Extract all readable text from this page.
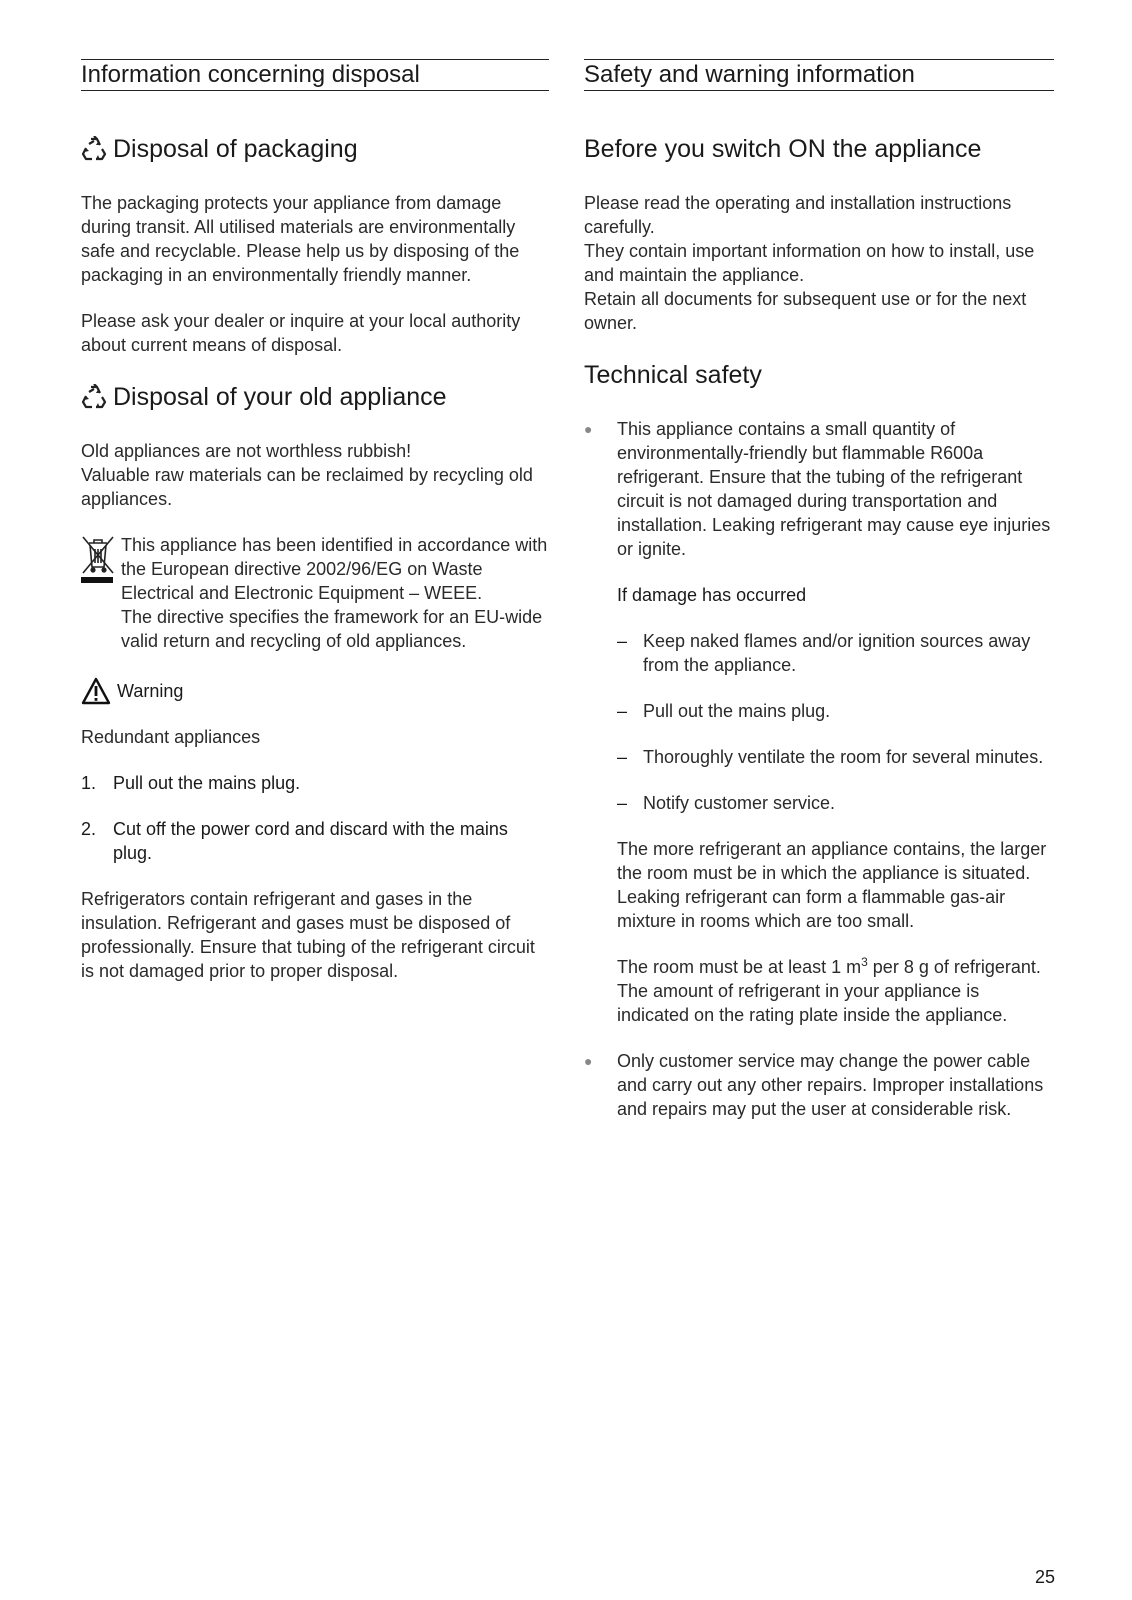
Information concerning disposal
Disposal of packaging

The packaging protects your appliance from damage during transit. All utilised materials are environmentally safe and recyclable. Please help us by disposing of the packaging in an environmentally friendly manner.

Please ask your dealer or inquire at your local authority about current means of disposal.

Disposal of your old appliance

Old appliances are not worthless rubbish!

Valuable raw materials can be reclaimed by recycling old appliances.

This appliance has been identified in accordance with the European directive 2002/96/EG on Waste Electrical and Electronic Equipment – WEEE.

The directive specifies the framework for an EU-wide valid return and recycling of old appliances.

Warning

Redundant appliances

1. Pull out the mains plug.
2. Cut off the power cord and discard with the mains plug.

Refrigerators contain refrigerant and gases in the insulation. Refrigerant and gases must be disposed of professionally. Ensure that tubing of the refrigerant circuit is not damaged prior to proper disposal.

Safety and warning information
Before you switch ON the appliance

Please read the operating and installation instructions carefully.

They contain important information on how to install, use and maintain the appliance.

Retain all documents for subsequent use or for the next owner.

Technical safety
●	This appliance contains a small quantity of environmentally-friendly but flammable R600a refrigerant. Ensure that the tubing of the refrigerant circuit is not damaged during transportation and installation. Leaking refrigerant may cause eye injuries or ignite.

If damage has occurred

– Keep naked flames and/or ignition sources away from the appliance.
– Pull out the mains plug.
– Thoroughly ventilate the room for several minutes.
– Notify customer service.

The more refrigerant an appliance contains, the larger the room must be in which the appliance is situated. Leaking refrigerant can form a flammable gas-air mixture in rooms which are too small.

The room must be at least 1 $m^3$ per 8 g of refrigerant. The amount of refrigerant in your appliance is indicated on the rating plate inside the appliance.

●	Only customer service may change the power cable and carry out any other repairs. Improper installations and repairs may put the user at considerable risk.
25
